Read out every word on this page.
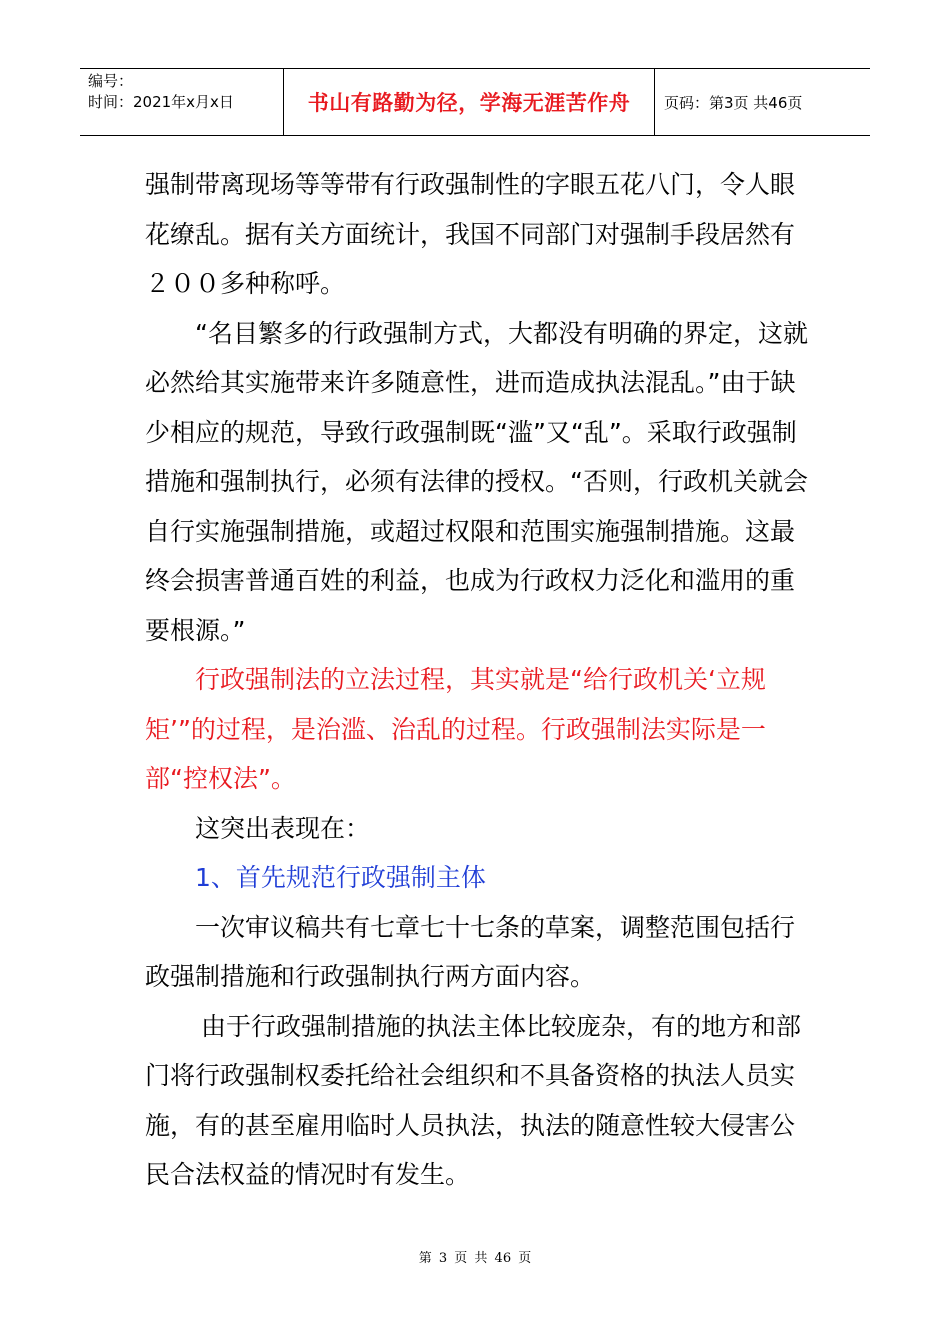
编号：
时间：2021年x月x日	书山有路勤为径，学海无涯苦作舟 页码：第3页 共46页

强制带离现场等等带有行政强制性的字眼五花八门，令人眼花缭乱。据有关方面统计，我国不同部门对强制手段居然有２００多种称呼。

“名目繁多的行政强制方式，大都没有明确的界定，这就必然给其实施带来许多随意性，进而造成执法混乱。”由于缺少相应的规范，导致行政强制既“滥”又“乱”。采取行政强制措施和强制执行，必须有法律的授权。“否则，行政机关就会自行实施强制措施，或超过权限和范围实施强制措施。这最终会损害普通百姓的利益，也成为行政权力泛化和滥用的重要根源。”

行政强制法的立法过程，其实就是“给行政机关‘立规矩’”的过程，是治滥、治乱的过程。行政强制法实际是一部“控权法”。

这突出表现在：

1、首先规范行政强制主体

一次审议稿共有七章七十七条的草案，调整范围包括行政强制措施和行政强制执行两方面内容。

由于行政强制措施的执法主体比较庞杂，有的地方和部门将行政强制权委托给社会组织和不具备资格的执法人员实施，有的甚至雇用临时人员执法，执法的随意性较大侵害公民合法权益的情况时有发生。

第 3 页 共 46 页
